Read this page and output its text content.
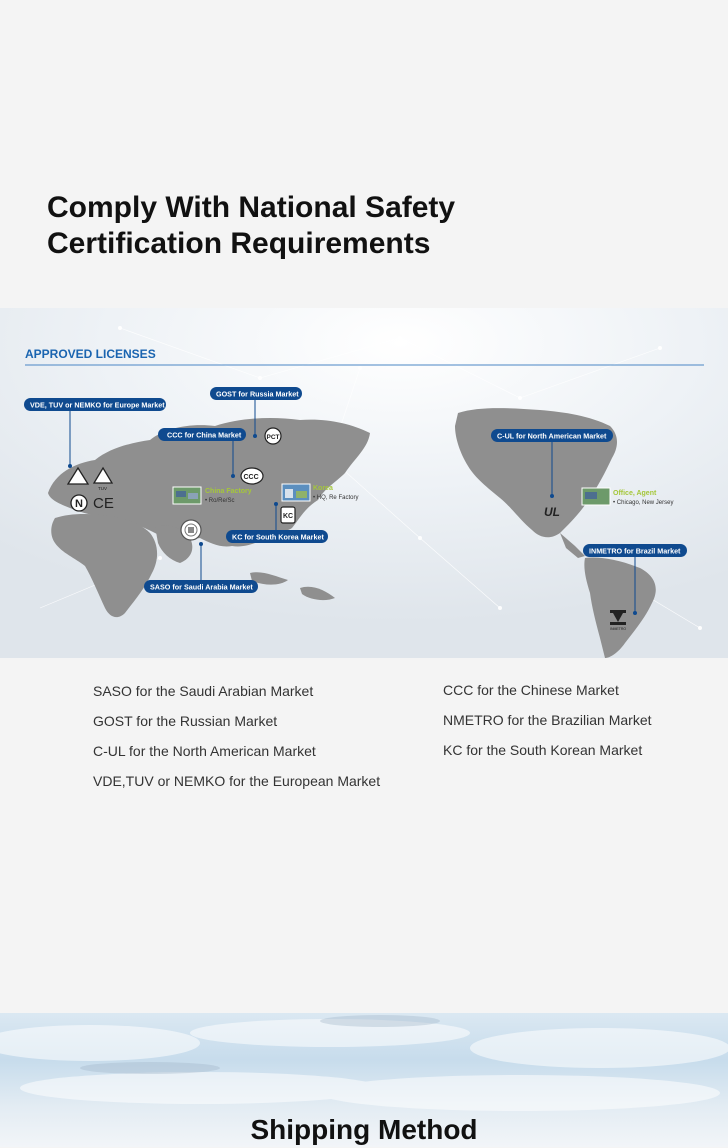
Comply With National Safety
Certification Requirements
APPROVED LICENSES
VDE, TUV or NEMKO for Europe Market
TUV
N CE
GOST for Russia Market
PCT
CCC for China Market
CCC
China Factory
• Ro/Re/Sc
Korea
• HQ, Re Factory
KC
KC for South Korea Market
SASO for Saudi Arabia Market
C-UL for North American Market
UL
Office, Agent
• Chicago, New Jersey
INMETRO for Brazil Market
INMETRO
SASO for the Saudi Arabian Market
GOST for the Russian Market
C-UL for the North American Market
VDE,TUV or NEMKO for the European Market
CCC for the Chinese Market
NMETRO for the Brazilian Market
KC for the South Korean Market
Shipping Method
